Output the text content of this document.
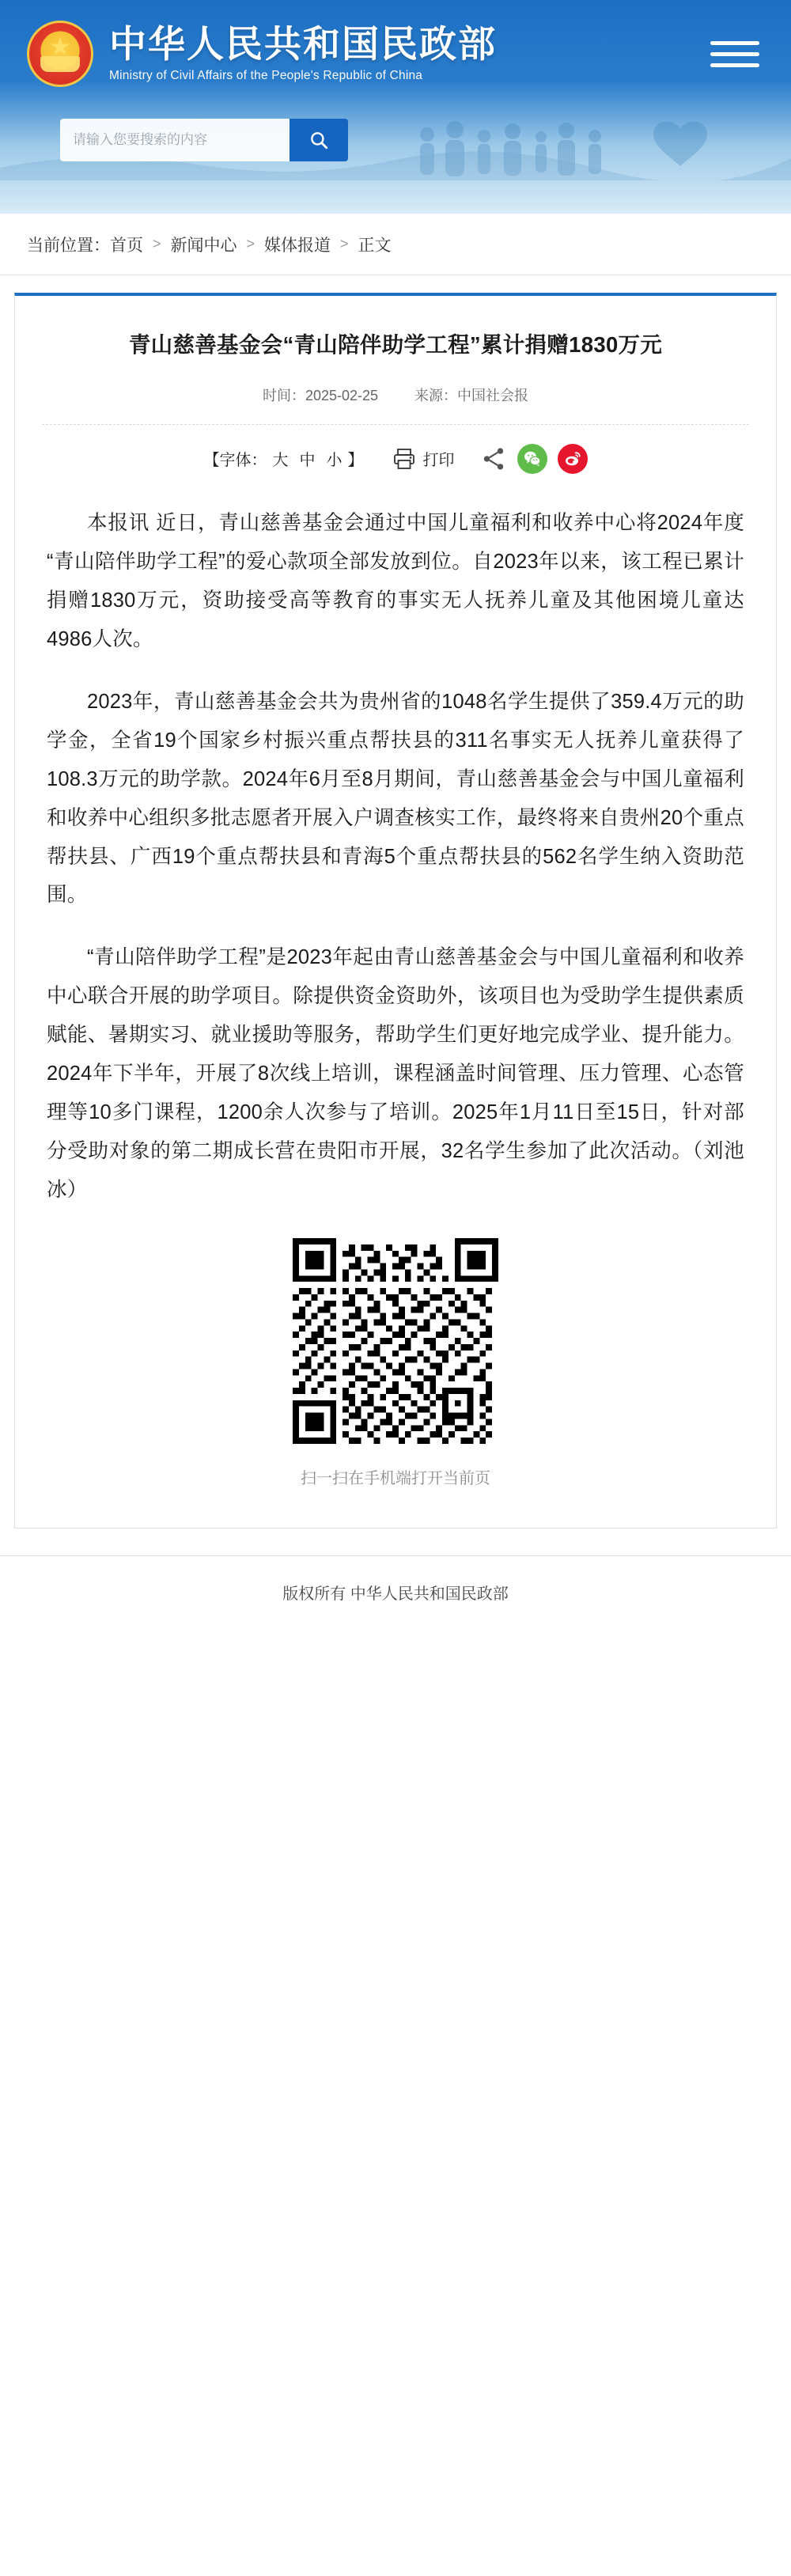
★
中华人民共和国民政部
Ministry of Civil Affairs of the People's Republic of China
请输入您要搜索的内容
当前位置： 首页 > 新闻中心 > 媒体报道 > 正文
青山慈善基金会“青山陪伴助学工程”累计捐赠1830万元
时间：2025-02-25	来源：中国社会报
【字体： 大 中 小 】	打印

本报讯 近日，青山慈善基金会通过中国儿童福利和收养中心将2024年度“青山陪伴助学工程”的爱心款项全部发放到位。自2023年以来，该工程已累计捐赠1830万元，资助接受高等教育的事实无人抚养儿童及其他困境儿童达4986人次。

2023年，青山慈善基金会共为贵州省的1048名学生提供了359.4万元的助学金，全省19个国家乡村振兴重点帮扶县的311名事实无人抚养儿童获得了108.3万元的助学款。2024年6月至8月期间，青山慈善基金会与中国儿童福利和收养中心组织多批志愿者开展入户调查核实工作，最终将来自贵州20个重点帮扶县、广西19个重点帮扶县和青海5个重点帮扶县的562名学生纳入资助范围。

“青山陪伴助学工程”是2023年起由青山慈善基金会与中国儿童福利和收养中心联合开展的助学项目。除提供资金资助外，该项目也为受助学生提供素质赋能、暑期实习、就业援助等服务，帮助学生们更好地完成学业、提升能力。2024年下半年，开展了8次线上培训，课程涵盖时间管理、压力管理、心态管理等10多门课程，1200余人次参与了培训。2025年1月11日至15日，针对部分受助对象的第二期成长营在贵阳市开展，32名学生参加了此次活动。（刘池冰）

扫一扫在手机端打开当前页
版权所有 中华人民共和国民政部
